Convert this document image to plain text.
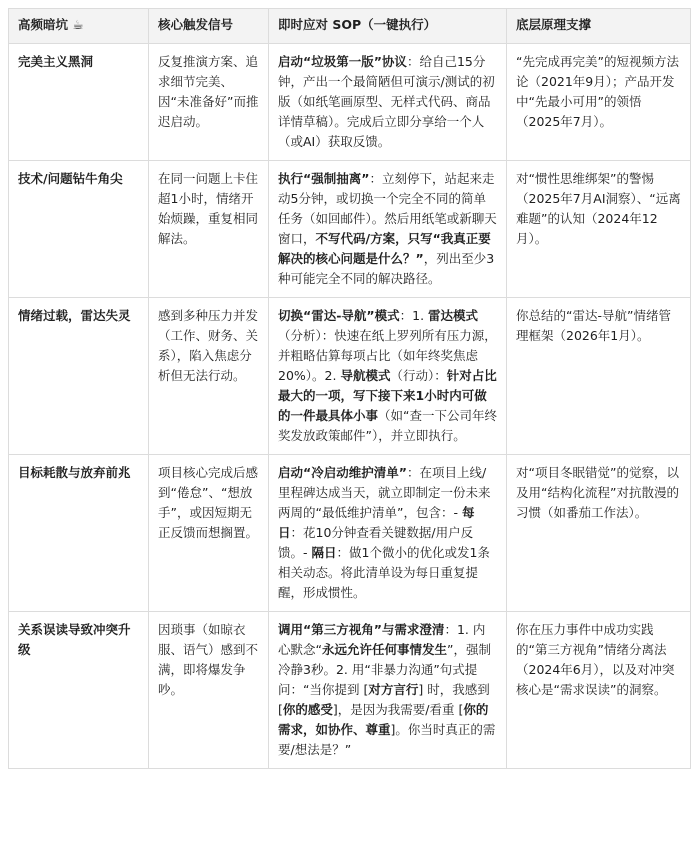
高频暗坑 ☕	核心触发信号	即时应对 SOP（一键执行）	底层原理支撑
完美主义黑洞	反复推演方案、追求细节完美、因“未准备好”而推迟启动。	启动“垃圾第一版”协议：给自己15分钟，产出一个最简陋但可演示/测试的初版（如纸笔画原型、无样式代码、商品详情草稿）。完成后立即分享给一个人（或AI）获取反馈。	“先完成再完美”的短视频方法论（2021年9月）；产品开发中“先最小可用”的领悟（2025年7月）。
技术/问题钻牛角尖	在同一问题上卡住超1小时，情绪开始烦躁，重复相同解法。	执行“强制抽离”：立刻停下，站起来走动5分钟，或切换一个完全不同的简单任务（如回邮件）。然后用纸笔或新聊天窗口，不写代码/方案，只写“我真正要解决的核心问题是什么？”，列出至少3种可能完全不同的解决路径。	对“惯性思维绑架”的警惕（2025年7月AI洞察）、“远离难题”的认知（2024年12月）。
情绪过载，雷达失灵	感到多种压力并发（工作、财务、关系），陷入焦虑分析但无法行动。	切换“雷达-导航”模式：1. 雷达模式（分析）：快速在纸上罗列所有压力源，并粗略估算每项占比（如年终奖焦虑20%）。2. 导航模式（行动）：针对占比最大的一项，写下接下来1小时内可做的一件最具体小事（如“查一下公司年终奖发放政策邮件”），并立即执行。	你总结的“雷达-导航”情绪管理框架（2026年1月）。
目标耗散与放弃前兆	项目核心完成后感到“倦怠”、“想放手”，或因短期无正反馈而想搁置。	启动“冷启动维护清单”：在项目上线/里程碑达成当天，就立即制定一份未来两周的“最低维护清单”，包含：- 每日：花10分钟查看关键数据/用户反馈。- 隔日：做1个微小的优化或发1条相关动态。将此清单设为每日重复提醒，形成惯性。	对“项目冬眠错觉”的觉察，以及用“结构化流程”对抗散漫的习惯（如番茄工作法）。
关系误读导致冲突升级	因琐事（如晾衣服、语气）感到不满，即将爆发争吵。	调用“第三方视角”与需求澄清：1. 内心默念“永远允许任何事情发生”，强制冷静3秒。2. 用“非暴力沟通”句式提问：“当你提到 [对方言行] 时，我感到 [你的感受]，是因为我需要/看重 [你的需求，如协作、尊重]。你当时真正的需要/想法是？”	你在压力事件中成功实践的“第三方视角”情绪分离法（2024年6月），以及对冲突核心是“需求误读”的洞察。
